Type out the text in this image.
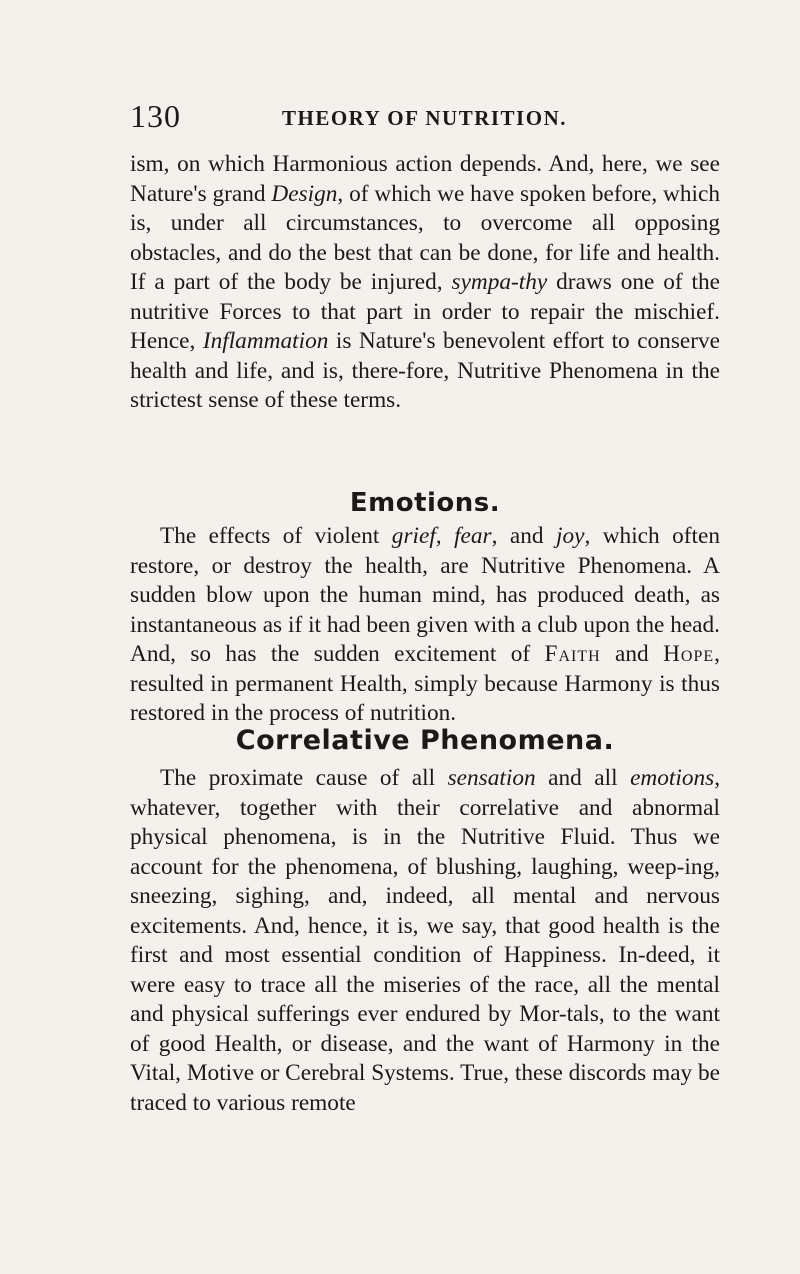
130	THEORY OF NUTRITION.

ism, on which Harmonious action depends. And, here, we see Nature's grand Design, of which we have spoken before, which is, under all circumstances, to overcome all opposing obstacles, and do the best that can be done, for life and health. If a part of the body be injured, sympa-thy draws one of the nutritive Forces to that part in order to repair the mischief. Hence, Inflammation is Nature's benevolent effort to conserve health and life, and is, there-fore, Nutritive Phenomena in the strictest sense of these terms.

Emotions.

The effects of violent grief, fear, and joy, which often restore, or destroy the health, are Nutritive Phenomena. A sudden blow upon the human mind, has produced death, as instantaneous as if it had been given with a club upon the head. And, so has the sudden excitement of Faith and Hope, resulted in permanent Health, simply because Harmony is thus restored in the process of nutrition.

Correlative Phenomena.

The proximate cause of all sensation and all emotions, whatever, together with their correlative and abnormal physical phenomena, is in the Nutritive Fluid. Thus we account for the phenomena, of blushing, laughing, weep-ing, sneezing, sighing, and, indeed, all mental and nervous excitements. And, hence, it is, we say, that good health is the first and most essential condition of Happiness. In-deed, it were easy to trace all the miseries of the race, all the mental and physical sufferings ever endured by Mor-tals, to the want of good Health, or disease, and the want of Harmony in the Vital, Motive or Cerebral Systems. True, these discords may be traced to various remote
